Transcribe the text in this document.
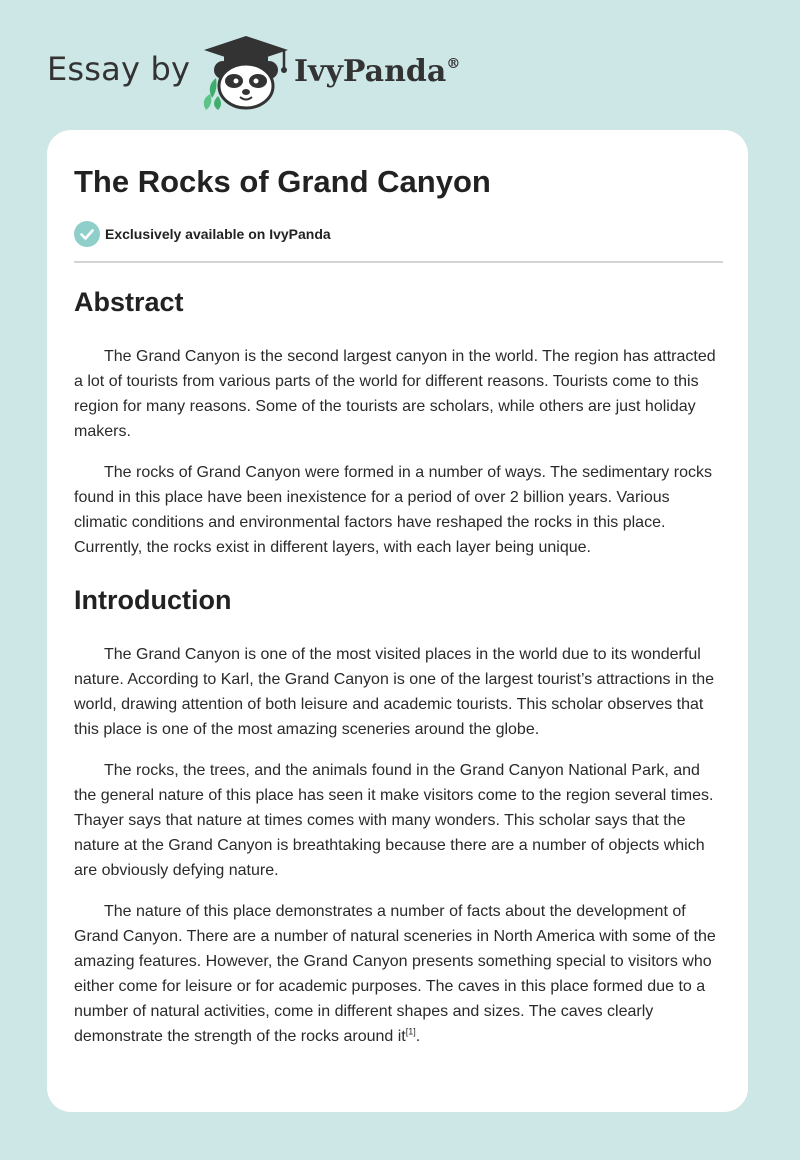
Essay by	IvyPanda®
The Rocks of Grand Canyon
Exclusively available on IvyPanda
Abstract

The Grand Canyon is the second largest canyon in the world. The region has attracted a lot of tourists from various parts of the world for different reasons. Tourists come to this region for many reasons. Some of the tourists are scholars, while others are just holiday makers.

The rocks of Grand Canyon were formed in a number of ways. The sedimentary rocks found in this place have been inexistence for a period of over 2 billion years. Various climatic conditions and environmental factors have reshaped the rocks in this place. Currently, the rocks exist in different layers, with each layer being unique.

Introduction

The Grand Canyon is one of the most visited places in the world due to its wonderful nature. According to Karl, the Grand Canyon is one of the largest tourist’s attractions in the world, drawing attention of both leisure and academic tourists. This scholar observes that this place is one of the most amazing sceneries around the globe.

The rocks, the trees, and the animals found in the Grand Canyon National Park, and the general nature of this place has seen it make visitors come to the region several times. Thayer says that nature at times comes with many wonders. This scholar says that the nature at the Grand Canyon is breathtaking because there are a number of objects which are obviously defying nature.

The nature of this place demonstrates a number of facts about the development of Grand Canyon. There are a number of natural sceneries in North America with some of the amazing features. However, the Grand Canyon presents something special to visitors who either come for leisure or for academic purposes. The caves in this place formed due to a number of natural activities, come in different shapes and sizes. The caves clearly demonstrate the strength of the rocks around it[1].
